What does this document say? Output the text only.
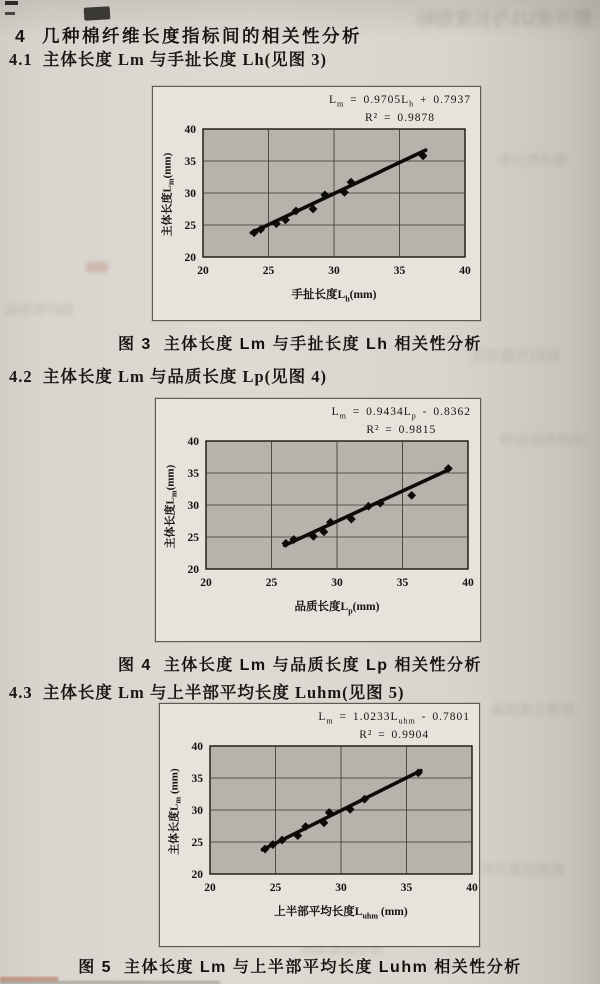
整齐度U1与长度指标
相关性分析
回归方程对比
长度指标检测
纤维长度试验
数据结果分析
图表试验说明
棉纤维检验
4  几种棉纤维长度指标间的相关性分析
4.1  主体长度 Lm 与手扯长度 Lh(见图 3)
4.2  主体长度 Lm 与品质长度 Lp(见图 4)
4.3  主体长度 Lm 与上半部平均长度 Luhm(见图 5)
$L_m = 0.9705L_h + 0.7937$
R² = 0.9878
主体长度$L_m(mm)$
20
25
30
35
40
20	25	30	35	40
手扯长度$L_h(mm)$
图 3  主体长度 Lm 与手扯长度 Lh 相关性分析
$L_m = 0.9434L_p - 0.8362$
R² = 0.9815
主体长度$L_m(mm)$
20
25
30
35
40
20	25	30	35	40
品质长度$L_p(mm)$
图 4  主体长度 Lm 与品质长度 Lp 相关性分析
$L_m = 1.0233L_{uhm} - 0.7801$
R² = 0.9904
主体长度$L_m$ (mm)
20
25
30
35
40
20	25	30	35	40
上半部平均长度$L_{uhm}$ (mm)
图 5  主体长度 Lm 与上半部平均长度 Luhm 相关性分析
